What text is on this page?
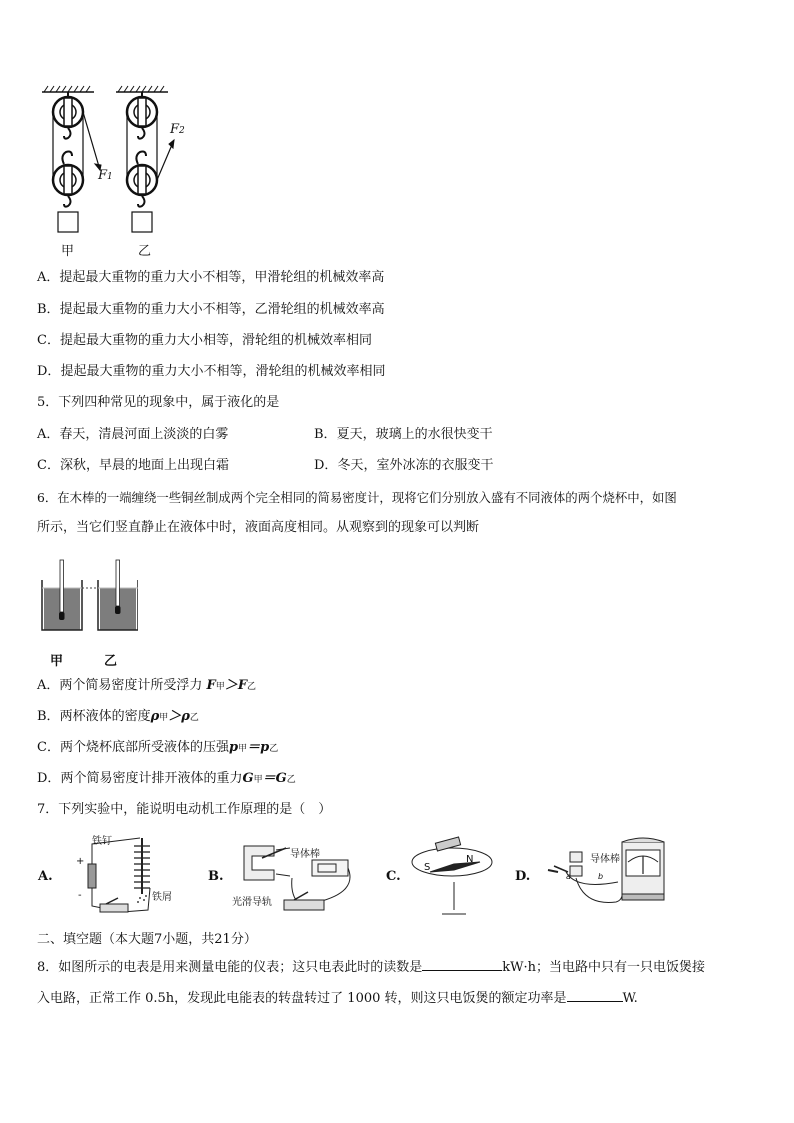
F1
F2
甲	乙
A．提起最大重物的重力大小不相等，甲滑轮组的机械效率高
B．提起最大重物的重力大小不相等，乙滑轮组的机械效率高
C．提起最大重物的重力大小相等，滑轮组的机械效率相同
D．提起最大重物的重力大小不相等，滑轮组的机械效率相同
5．下列四种常见的现象中，属于液化的是
A．春天，清晨河面上淡淡的白雾	B．夏天，玻璃上的水很快变干
C．深秋，早晨的地面上出现白霜	D．冬天，室外冰冻的衣服变干
6．在木棒的一端缠绕一些铜丝制成两个完全相同的简易密度计，现将它们分别放入盛有不同液体的两个烧杯中，如图
所示，当它们竖直静止在液体中时，液面高度相同。从观察到的现象可以判断
甲	乙
A．两个简易密度计所受浮力 F甲＞F乙
B．两杯液体的密度ρ甲＞ρ乙
C．两个烧杯底部所受液体的压强p甲＝p乙
D．两个简易密度计排开液体的重力G甲＝G乙
7．下列实验中，能说明电动机工作原理的是（　）
A.
铁钉
铁屑
+
-
B.
导体棒
光滑导轨
C.
S
N
D.
导体棒
a	b
二、填空题（本大题7小题，共21分）
8．如图所示的电表是用来测量电能的仪表；这只电表此时的读数是	kW·h；当电路中只有一只电饭煲接
入电路，正常工作 0.5h，发现此电能表的转盘转过了 1000 转，则这只电饭煲的额定功率是	W.
